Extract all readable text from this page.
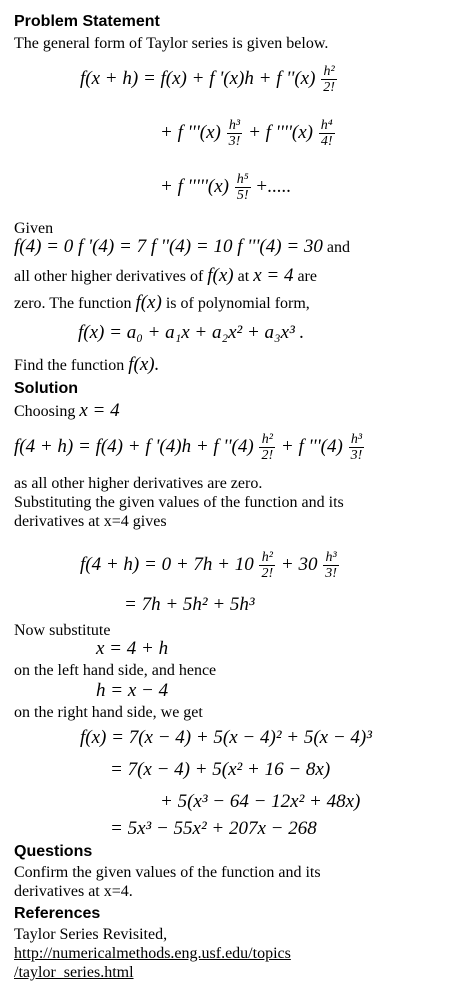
Problem Statement
The general form of Taylor series is given below.
f(x + h) = f(x) + f '(x)h + f ''$(x) \frac{\text{h²}}{2!}$
+ f '''$(x) \frac{\text{h³}}{3!} + f$ ''''$(x) \frac{\text{h⁴}}{4!}$
+ f '''''$(x) \frac{\text{h⁵}}{5!}$ +.....
Given
f(4) = 0 f '(4) = 7 f ''(4) = 10 f '''(4) = 30 and
all other higher derivatives of f(x) at x = 4 are
zero. The function f(x) is of polynomial form,
f(x) = a₀ + a₁x + a₂x² + a₃x³ .
Find the function f(x).
Solution
Choosing x = 4
f(4 + h) = f(4) + f '(4)h + f ''$(4) \frac{\text{h²}}{2!} + f$ '''$(4) \frac{\text{h³}}{3!}$
as all other higher derivatives are zero.
Substituting the given values of the function and its
derivatives at x=4 gives
$f(4 + h) = 0 + 7h + 10 \frac{\text{h²}}{2!} + 30 \frac{\text{h³}}{3!}$
= 7h + 5h² + 5h³
Now substitute
x = 4 + h
on the left hand side, and hence
h = x − 4
on the right hand side, we get
f(x) = 7(x − 4) + 5(x − 4)² + 5(x − 4)³
= 7(x − 4) + 5(x² + 16 − 8x)
+ 5(x³ − 64 − 12x² + 48x)
= 5x³ − 55x² + 207x − 268
Questions
Confirm the given values of the function and its
derivatives at x=4.
References
Taylor Series Revisited,
http://numericalmethods.eng.usf.edu/topics
/taylor_series.html
